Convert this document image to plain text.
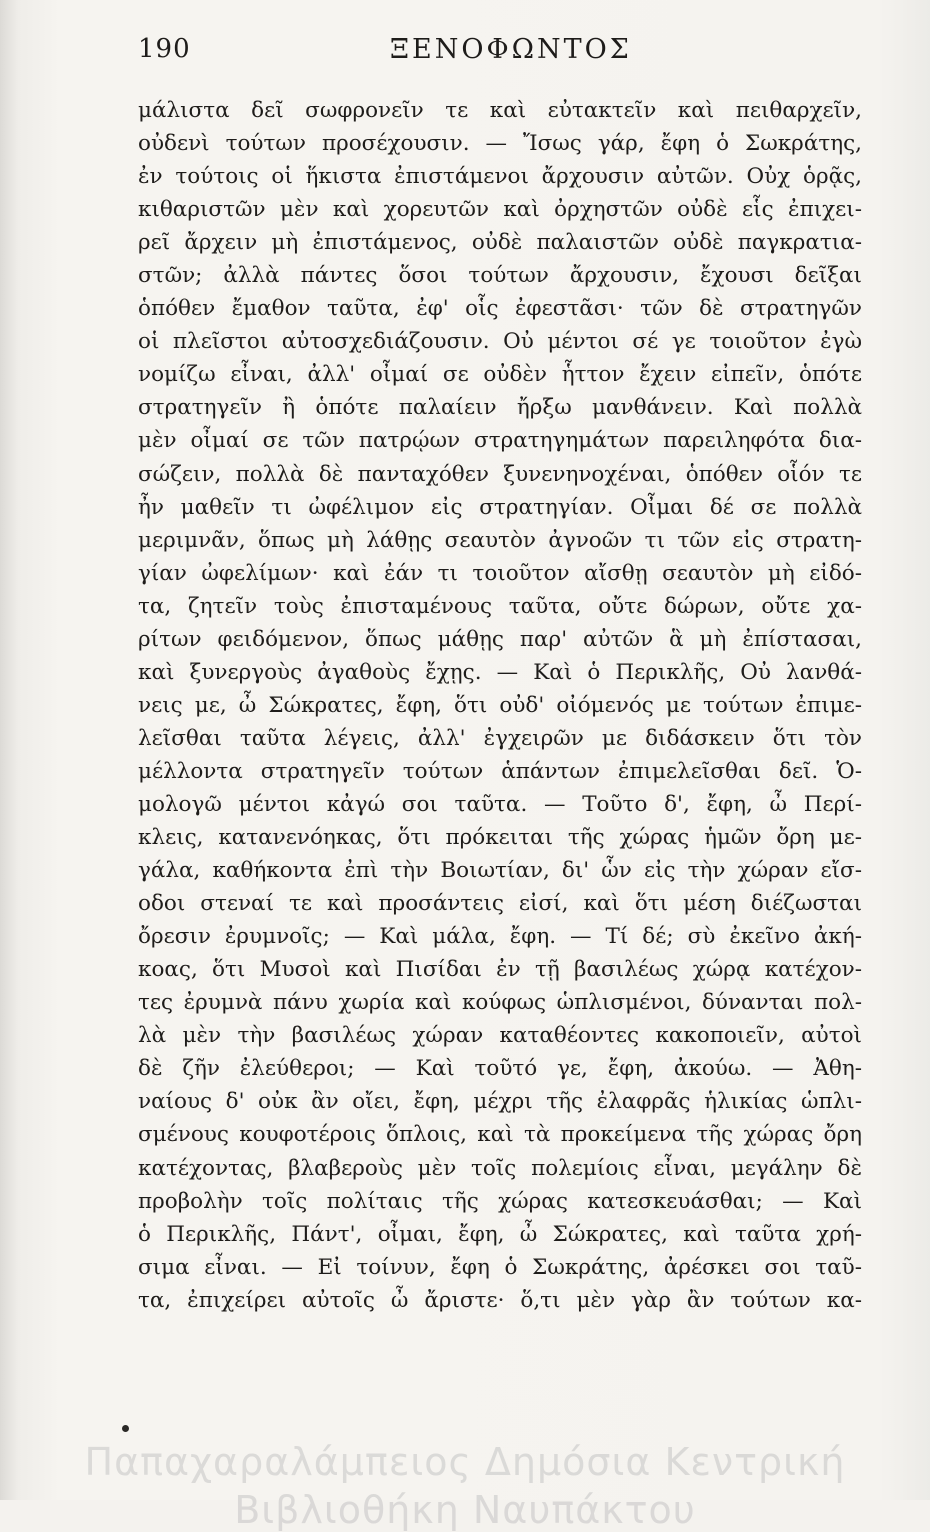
190	ΞΕΝΟΦΩΝΤΟΣ
μάλιστα δεῖ σωφρονεῖν τε καὶ εὐτακτεῖν καὶ πειθαρχεῖν,
οὐδενὶ τούτων προσέχουσιν. — Ἴσως γάρ, ἔφη ὁ Σωκράτης,
ἐν τούτοις οἱ ἥκιστα ἐπιστάμενοι ἄρχουσιν αὐτῶν. Οὐχ ὁρᾷς,
κιθαριστῶν μὲν καὶ χορευτῶν καὶ ὀρχηστῶν οὐδὲ εἷς ἐπιχει-
ρεῖ ἄρχειν μὴ ἐπιστάμενος, οὐδὲ παλαιστῶν οὐδὲ παγκρατια-
στῶν; ἀλλὰ πάντες ὅσοι τούτων ἄρχουσιν, ἔχουσι δεῖξαι
ὁπόθεν ἔμαθον ταῦτα, ἐφ' οἷς ἐφεστᾶσι· τῶν δὲ στρατηγῶν
οἱ πλεῖστοι αὐτοσχεδιάζουσιν. Οὐ μέντοι σέ γε τοιοῦτον ἐγὼ
νομίζω εἶναι, ἀλλ' οἶμαί σε οὐδὲν ἧττον ἔχειν εἰπεῖν, ὁπότε
στρατηγεῖν ἢ ὁπότε παλαίειν ἤρξω μανθάνειν. Καὶ πολλὰ
μὲν οἶμαί σε τῶν πατρῴων στρατηγημάτων παρειληφότα δια-
σώζειν, πολλὰ δὲ πανταχόθεν ξυνενηνοχέναι, ὁπόθεν οἷόν τε
ἦν μαθεῖν τι ὠφέλιμον εἰς στρατηγίαν. Οἶμαι δέ σε πολλὰ
μεριμνᾶν, ὅπως μὴ λάθῃς σεαυτὸν ἀγνοῶν τι τῶν εἰς στρατη-
γίαν ὠφελίμων· καὶ ἐάν τι τοιοῦτον αἴσθῃ σεαυτὸν μὴ εἰδό-
τα, ζητεῖν τοὺς ἐπισταμένους ταῦτα, οὔτε δώρων, οὔτε χα-
ρίτων φειδόμενον, ὅπως μάθῃς παρ' αὐτῶν ἃ μὴ ἐπίστασαι,
καὶ ξυνεργοὺς ἀγαθοὺς ἔχῃς. — Καὶ ὁ Περικλῆς, Οὐ λανθά-
νεις με, ὦ Σώκρατες, ἔφη, ὅτι οὐδ' οἰόμενός με τούτων ἐπιμε-
λεῖσθαι ταῦτα λέγεις, ἀλλ' ἐγχειρῶν με διδάσκειν ὅτι τὸν
μέλλοντα στρατηγεῖν τούτων ἁπάντων ἐπιμελεῖσθαι δεῖ. Ὁ-
μολογῶ μέντοι κἀγώ σοι ταῦτα. — Τοῦτο δ', ἔφη, ὦ Περί-
κλεις, κατανενόηκας, ὅτι πρόκειται τῆς χώρας ἡμῶν ὄρη με-
γάλα, καθήκοντα ἐπὶ τὴν Βοιωτίαν, δι' ὧν εἰς τὴν χώραν εἴσ-
οδοι στεναί τε καὶ προσάντεις εἰσί, καὶ ὅτι μέση διέζωσται
ὄρεσιν ἐρυμνοῖς; — Καὶ μάλα, ἔφη. — Τί δέ; σὺ ἐκεῖνο ἀκή-
κοας, ὅτι Μυσοὶ καὶ Πισίδαι ἐν τῇ βασιλέως χώρᾳ κατέχον-
τες ἐρυμνὰ πάνυ χωρία καὶ κούφως ὡπλισμένοι, δύνανται πολ-
λὰ μὲν τὴν βασιλέως χώραν καταθέοντες κακοποιεῖν, αὐτοὶ
δὲ ζῆν ἐλεύθεροι; — Καὶ τοῦτό γε, ἔφη, ἀκούω. — Ἀθη-
ναίους δ' οὐκ ἂν οἴει, ἔφη, μέχρι τῆς ἐλαφρᾶς ἡλικίας ὡπλι-
σμένους κουφοτέροις ὅπλοις, καὶ τὰ προκείμενα τῆς χώρας ὄρη
κατέχοντας, βλαβεροὺς μὲν τοῖς πολεμίοις εἶναι, μεγάλην δὲ
προβολὴν τοῖς πολίταις τῆς χώρας κατεσκευάσθαι; — Καὶ
ὁ Περικλῆς, Πάντ', οἶμαι, ἔφη, ὦ Σώκρατες, καὶ ταῦτα χρή-
σιμα εἶναι. — Εἰ τοίνυν, ἔφη ὁ Σωκράτης, ἀρέσκει σοι ταῦ-
τα, ἐπιχείρει αὐτοῖς ὦ ἄριστε· ὅ,τι μὲν γὰρ ἂν τούτων κα-
Παπαχαραλάμπειος Δημόσια Κεντρική
Βιβλιοθήκη Ναυπάκτου
